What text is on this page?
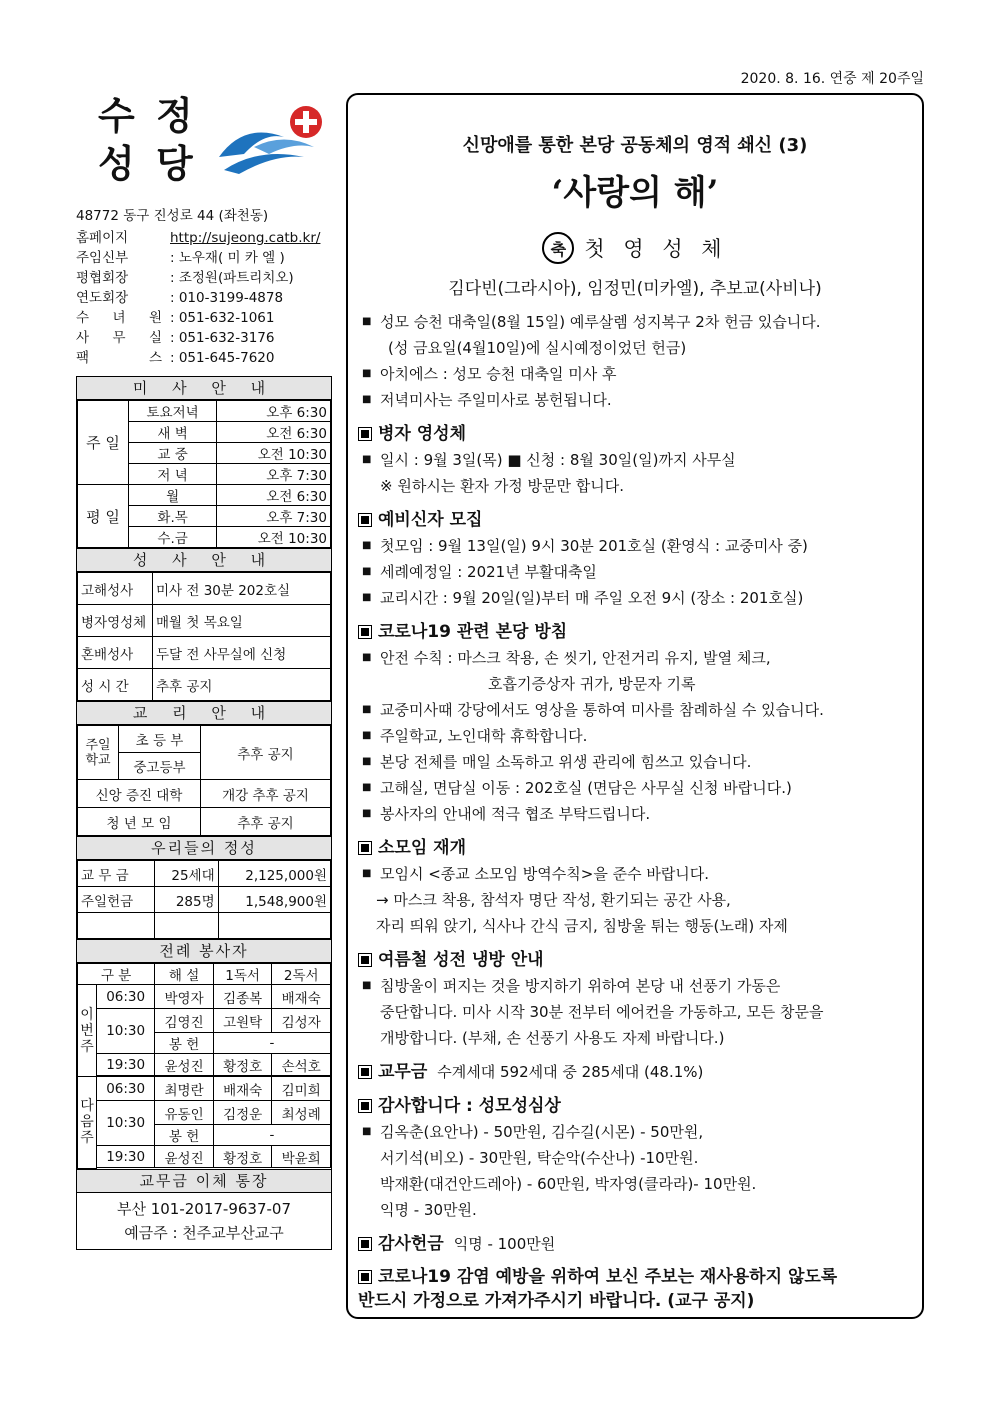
2020. 8. 16. 연중 제 20주일
수 정
성 당
48772 동구 진성로 44 (좌천동)
홈페이지	http://sujeong.catb.kr/
주임신부	: 노우재( 미 카 엘 )
평협회장	: 조정원(파트리치오)
연도회장	: 010-3199-4878
수 녀 원 : 051-632-1061
사 무 실 : 051-632-3176
팩 스 : 051-645-7620
미 사 안 내
주 일	토요저녁	오후 6:30
	새 벽	오전 6:30
	교 중	오전 10:30
	저 녁	오후 7:30
평 일	월	오전 6:30
	화.목	오후 7:30
	수.금	오전 10:30
성 사 안 내
고해성사	미사 전 30분 202호실
병자영성체	매월 첫 목요일
혼배성사	두달 전 사무실에 신청
성 시 간	추후 공지
교 리 안 내
주일 학교	초 등 부	추후 공지
	중고등부	
신앙 증진 대학		개강 추후 공지
청 년 모 임		추후 공지
우리들의 정성
교 무 금	25세대	2,125,000원
주일헌금	285명	1,548,900원

전례 봉사자
구 분		해 설	1독서	2독서
이번주	06:30	박영자	김종복	배재숙
	10:30	김영진	고원탁	김성자
		봉 헌	-	
	19:30	윤성진	황정호	손석호

다음주	06:30	최명란	배재숙	김미희
	10:30	유동인	김정운	최성례
		봉 헌	-	
	19:30	윤성진	황정호	박윤희

교무금 이체 통장
부산 101-2017-9637-07
예금주 : 천주교부산교구
신망애를 통한 본당 공동체의 영적 쇄신 (3)
‘사랑의 해’
축 첫 영 성 체
김다빈(그라시아), 임정민(미카엘), 추보교(사비나)
■ 성모 승천 대축일(8월 15일) 예루살렘 성지복구 2차 헌금 있습니다.
(성 금요일(4월10일)에 실시예정이었던 헌금)
■ 아치에스 : 성모 승천 대축일 미사 후
■ 저녁미사는 주일미사로 봉헌됩니다.
병자 영성체
■ 일시 : 9월 3일(목) ■ 신청 : 8월 30일(일)까지 사무실
※ 원하시는 환자 가정 방문만 합니다.
예비신자 모집
■ 첫모임 : 9월 13일(일) 9시 30분 201호실 (환영식 : 교중미사 중)
■ 세례예정일 : 2021년 부활대축일
■ 교리시간 : 9월 20일(일)부터 매 주일 오전 9시 (장소 : 201호실)
코로나19 관련 본당 방침
■ 안전 수칙 : 마스크 착용, 손 씻기, 안전거리 유지, 발열 체크,
호흡기증상자 귀가, 방문자 기록
■ 교중미사때 강당에서도 영상을 통하여 미사를 참례하실 수 있습니다.
■ 주일학교, 노인대학 휴학합니다.
■ 본당 전체를 매일 소독하고 위생 관리에 힘쓰고 있습니다.
■ 고해실, 면담실 이동 : 202호실 (면담은 사무실 신청 바랍니다.)
■ 봉사자의 안내에 적극 협조 부탁드립니다.
소모임 재개
■ 모임시 <종교 소모임 방역수칙>을 준수 바랍니다.
→ 마스크 착용, 참석자 명단 작성, 환기되는 공간 사용,
자리 띄워 앉기, 식사나 간식 금지, 침방울 튀는 행동(노래) 자제
여름철 성전 냉방 안내
■ 침방울이 퍼지는 것을 방지하기 위하여 본당 내 선풍기 가동은
중단합니다. 미사 시작 30분 전부터 에어컨을 가동하고, 모든 창문을
개방합니다. (부채, 손 선풍기 사용도 자제 바랍니다.)
교무금 수계세대 592세대 중 285세대 (48.1%)
감사합니다 : 성모성심상
■ 김옥춘(요안나) - 50만원, 김수길(시몬) - 50만원,
서기석(비오) - 30만원, 탁순악(수산나) -10만원.
박재환(대건안드레아) - 60만원, 박자영(클라라)- 10만원.
익명 - 30만원.
감사헌금 익명 - 100만원
코로나19 감염 예방을 위하여 보신 주보는 재사용하지 않도록
반드시 가정으로 가져가주시기 바랍니다. (교구 공지)
